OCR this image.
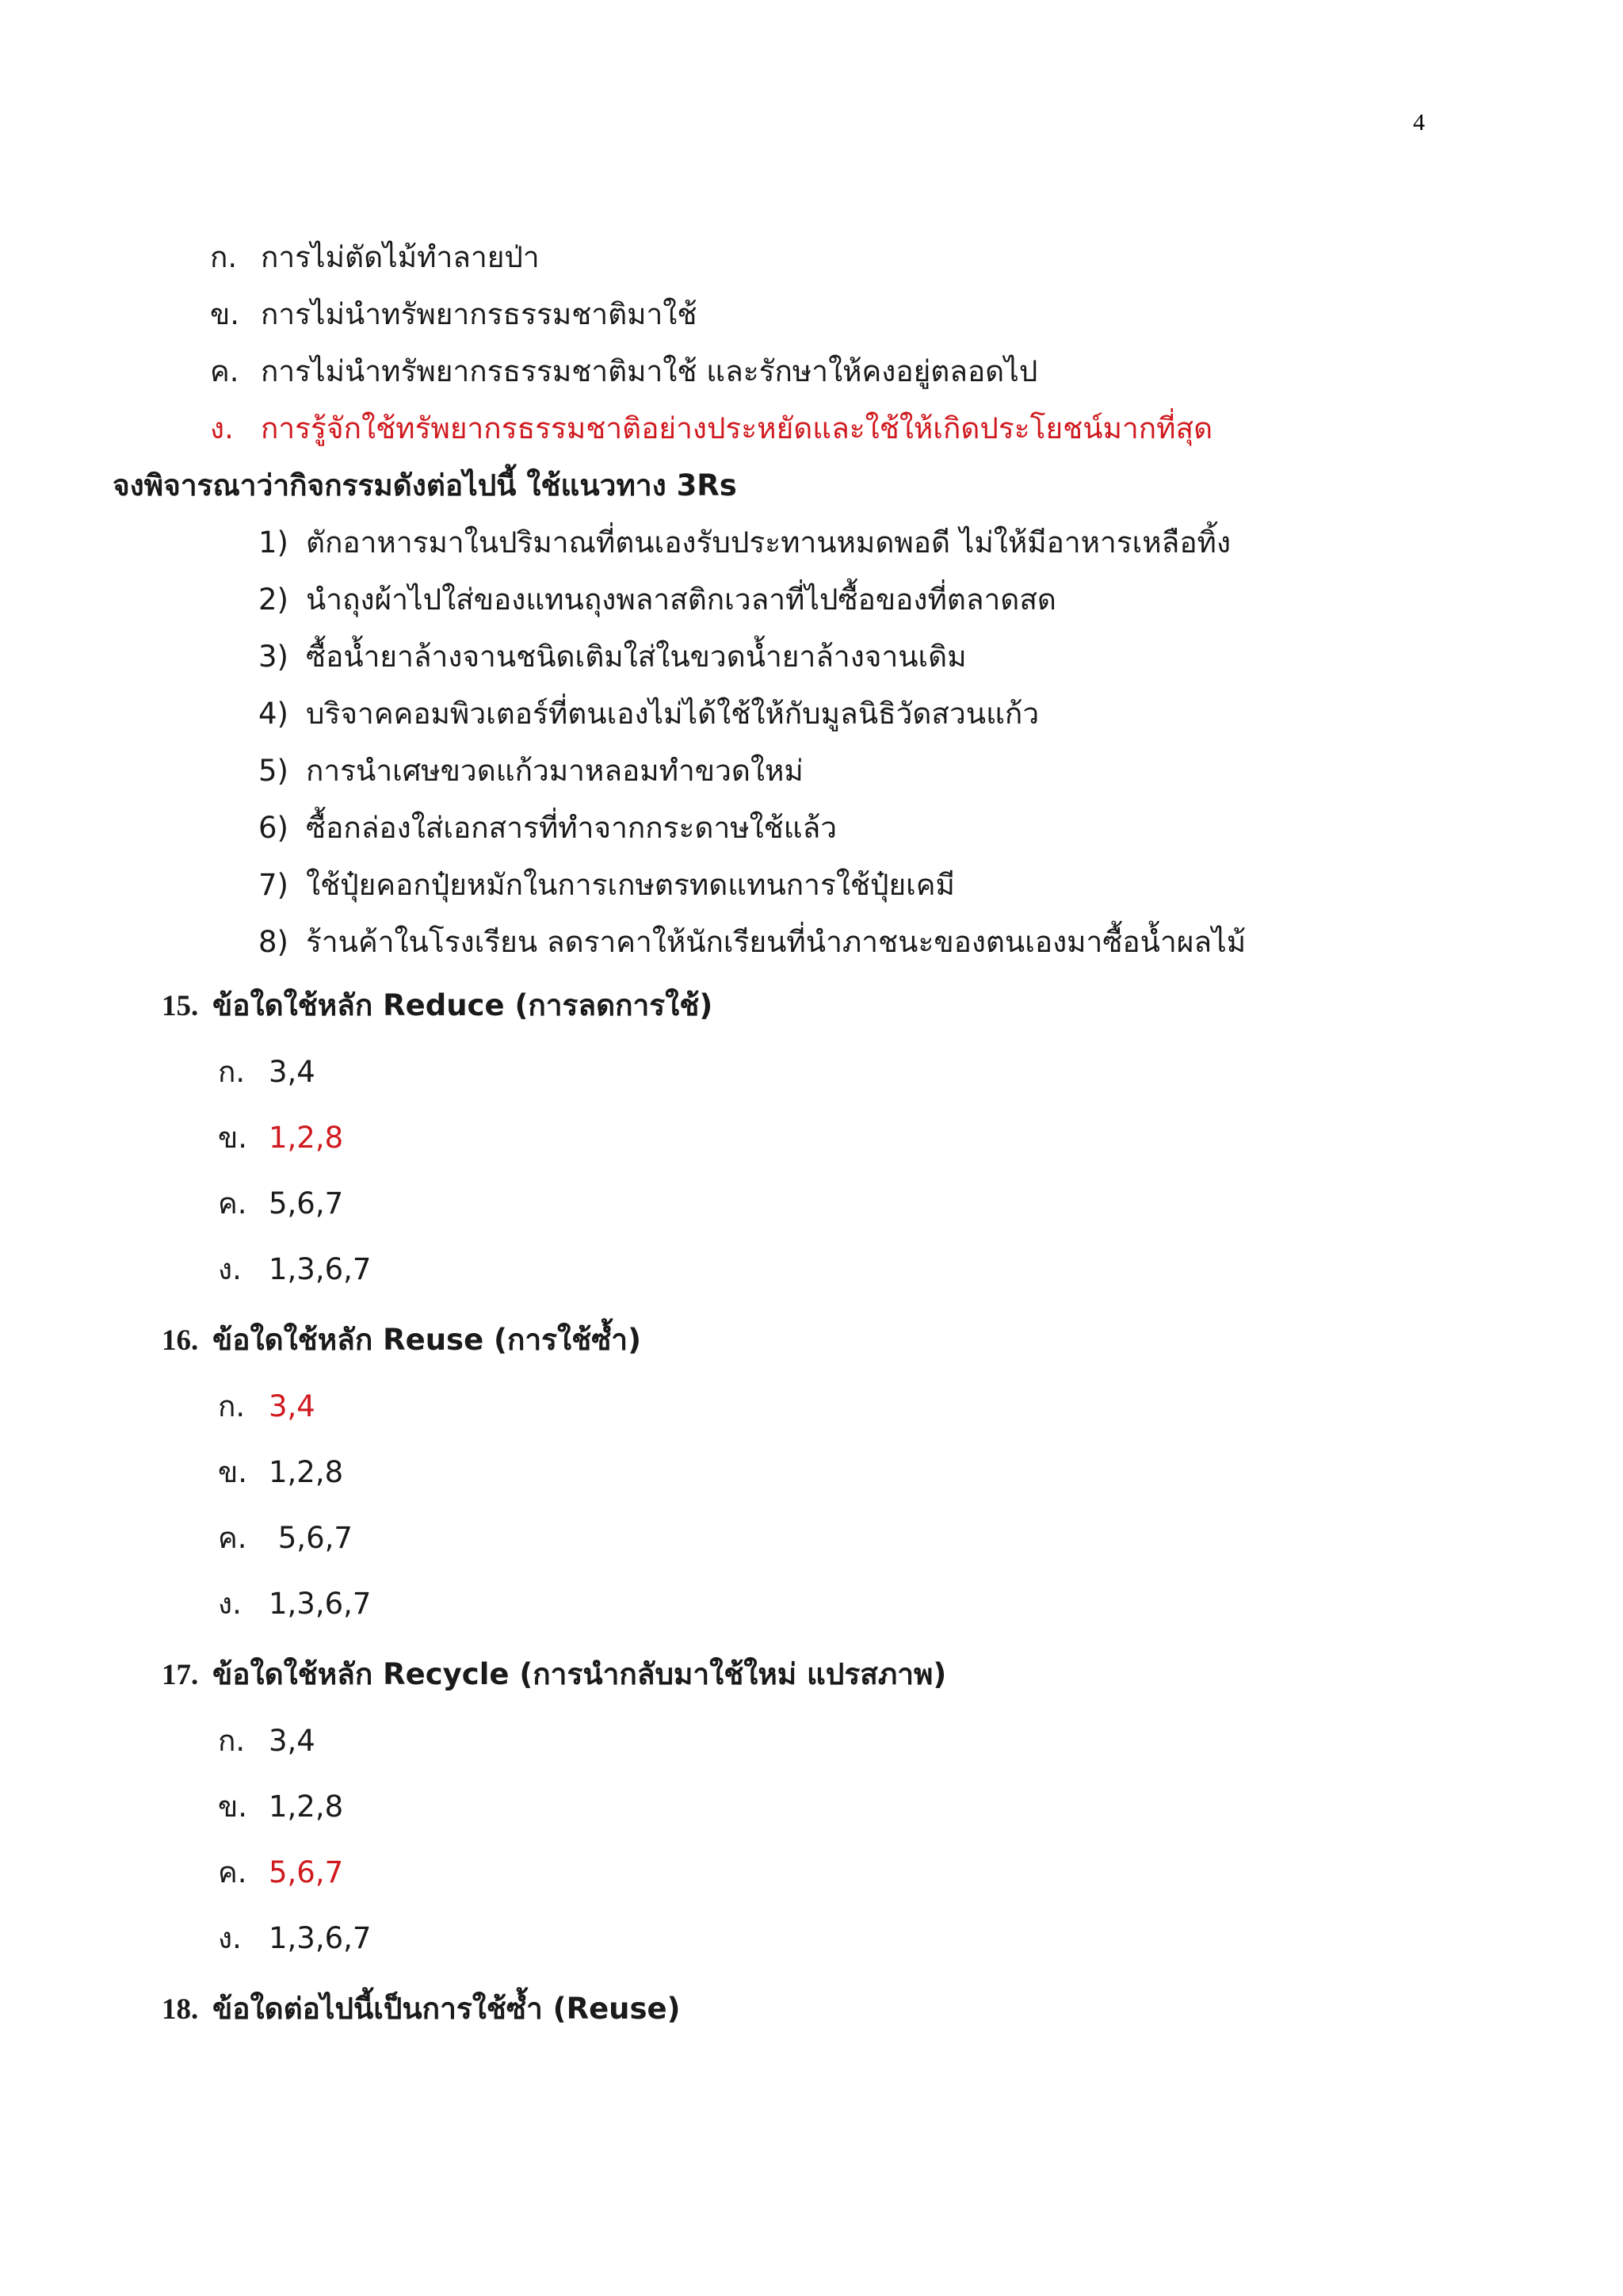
4
ก. การไม่ตัดไม้ทำลายป่า
ข. การไม่นำทรัพยากรธรรมชาติมาใช้
ค. การไม่นำทรัพยากรธรรมชาติมาใช้ และรักษาให้คงอยู่ตลอดไป
ง. การรู้จักใช้ทรัพยากรธรรมชาติอย่างประหยัดและใช้ให้เกิดประโยชน์มากที่สุด
จงพิจารณาว่ากิจกรรมดังต่อไปนี้ ใช้แนวทาง 3Rs
1) ตักอาหารมาในปริมาณที่ตนเองรับประทานหมดพอดี ไม่ให้มีอาหารเหลือทิ้ง
2) นำถุงผ้าไปใส่ของแทนถุงพลาสติกเวลาที่ไปซื้อของที่ตลาดสด
3) ซื้อน้ำยาล้างจานชนิดเติมใส่ในขวดน้ำยาล้างจานเดิม
4) บริจาคคอมพิวเตอร์ที่ตนเองไม่ได้ใช้ให้กับมูลนิธิวัดสวนแก้ว
5) การนำเศษขวดแก้วมาหลอมทำขวดใหม่
6) ซื้อกล่องใส่เอกสารที่ทำจากกระดาษใช้แล้ว
7) ใช้ปุ๋ยคอกปุ๋ยหมักในการเกษตรทดแทนการใช้ปุ๋ยเคมี
8) ร้านค้าในโรงเรียน ลดราคาให้นักเรียนที่นำภาชนะของตนเองมาซื้อน้ำผลไม้
15. ข้อใดใช้หลัก Reduce (การลดการใช้)
ก. 3,4
ข. 1,2,8
ค. 5,6,7
ง. 1,3,6,7
16. ข้อใดใช้หลัก Reuse (การใช้ซ้ำ)
ก. 3,4
ข. 1,2,8
ค. 5,6,7
ง. 1,3,6,7
17. ข้อใดใช้หลัก Recycle (การนำกลับมาใช้ใหม่ แปรสภาพ)
ก. 3,4
ข. 1,2,8
ค. 5,6,7
ง. 1,3,6,7
18. ข้อใดต่อไปนี้เป็นการใช้ซ้ำ (Reuse)
